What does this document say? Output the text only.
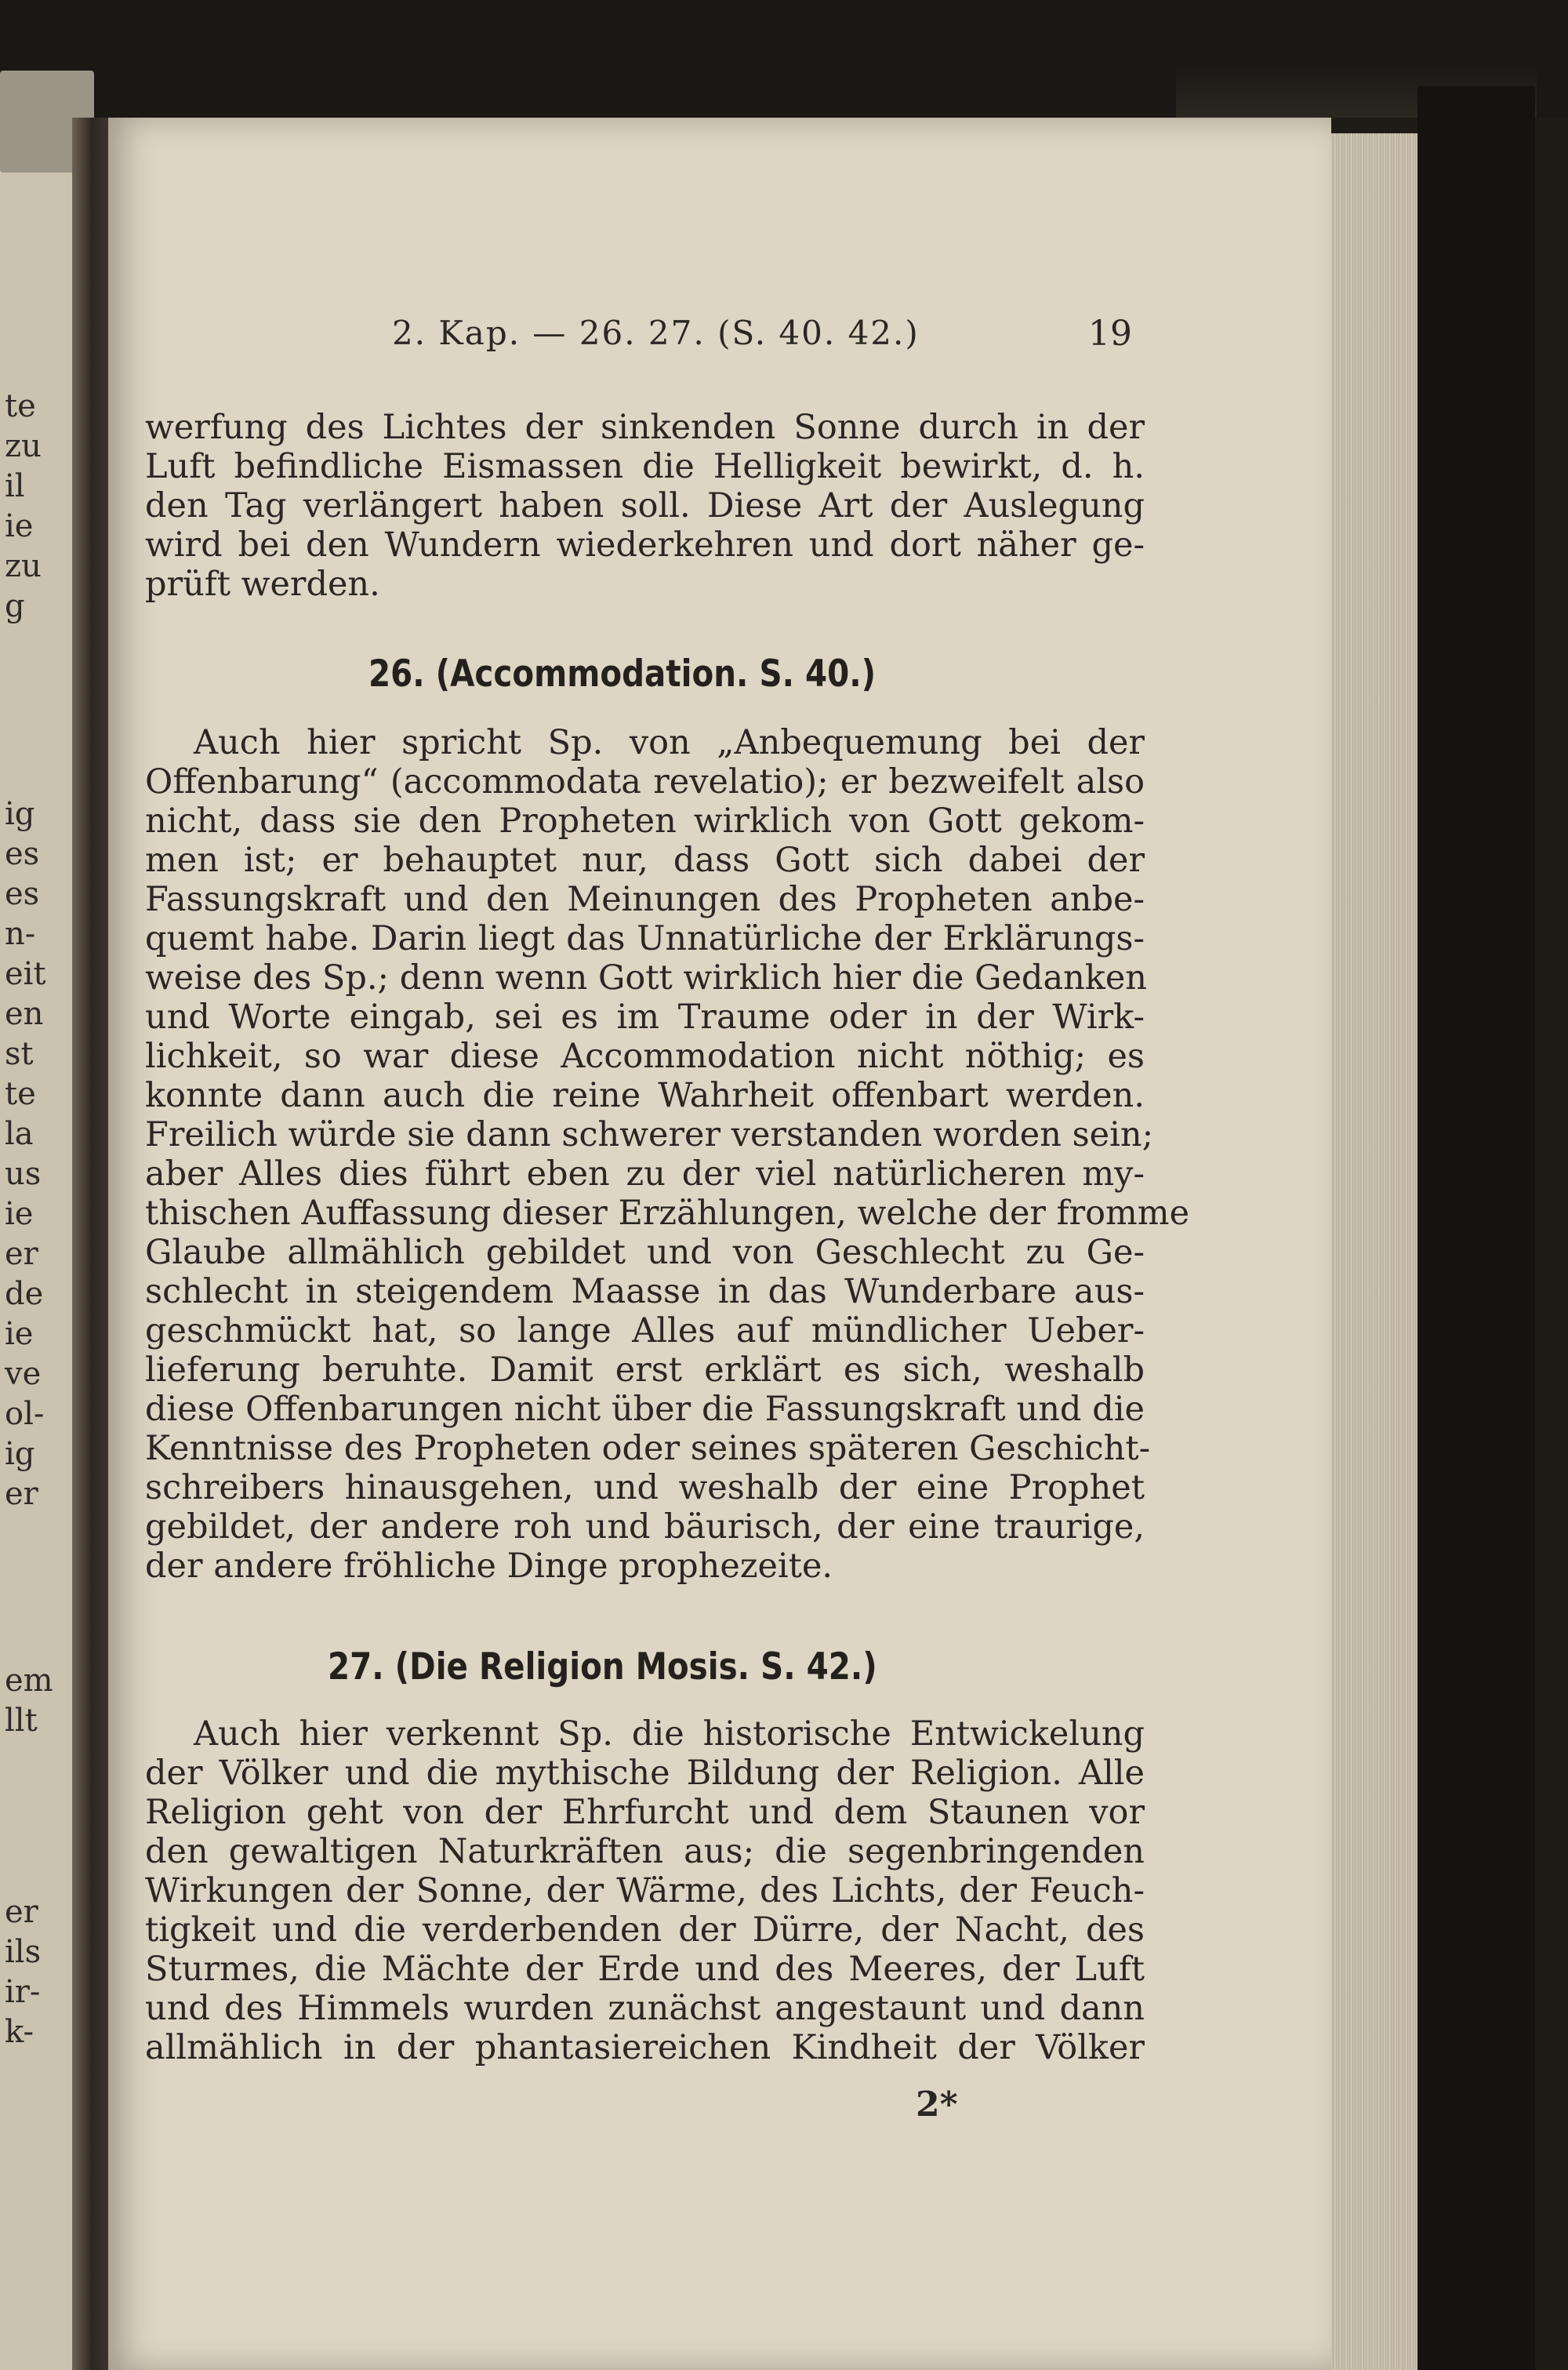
te
zu
il
ie
zu
g
ig
es
es
n-
eit
en
st
te
la
us
ie
er
de
ie
ve
ol-
ig
er
em
llt
er
ils
ir-
k-
2. Kap. — 26. 27. (S. 40. 42.)	19
werfung des Lichtes der sinkenden Sonne durch in der
Luft befindliche Eismassen die Helligkeit bewirkt, d. h.
den Tag verlängert haben soll. Diese Art der Auslegung
wird bei den Wundern wiederkehren und dort näher ge-
prüft werden.
26. (Accommodation. S. 40.)
Auch hier spricht Sp. von „Anbequemung bei der
Offenbarung“ (accommodata revelatio); er bezweifelt also
nicht, dass sie den Propheten wirklich von Gott gekom-
men ist; er behauptet nur, dass Gott sich dabei der
Fassungskraft und den Meinungen des Propheten anbe-
quemt habe. Darin liegt das Unnatürliche der Erklärungs-
weise des Sp.; denn wenn Gott wirklich hier die Gedanken
und Worte eingab, sei es im Traume oder in der Wirk-
lichkeit, so war diese Accommodation nicht nöthig; es
konnte dann auch die reine Wahrheit offenbart werden.
Freilich würde sie dann schwerer verstanden worden sein;
aber Alles dies führt eben zu der viel natürlicheren my-
thischen Auffassung dieser Erzählungen, welche der fromme
Glaube allmählich gebildet und von Geschlecht zu Ge-
schlecht in steigendem Maasse in das Wunderbare aus-
geschmückt hat, so lange Alles auf mündlicher Ueber-
lieferung beruhte. Damit erst erklärt es sich, weshalb
diese Offenbarungen nicht über die Fassungskraft und die
Kenntnisse des Propheten oder seines späteren Geschicht-
schreibers hinausgehen, und weshalb der eine Prophet
gebildet, der andere roh und bäurisch, der eine traurige,
der andere fröhliche Dinge prophezeite.
27. (Die Religion Mosis. S. 42.)
Auch hier verkennt Sp. die historische Entwickelung
der Völker und die mythische Bildung der Religion. Alle
Religion geht von der Ehrfurcht und dem Staunen vor
den gewaltigen Naturkräften aus; die segenbringenden
Wirkungen der Sonne, der Wärme, des Lichts, der Feuch-
tigkeit und die verderbenden der Dürre, der Nacht, des
Sturmes, die Mächte der Erde und des Meeres, der Luft
und des Himmels wurden zunächst angestaunt und dann
allmählich in der phantasiereichen Kindheit der Völker
2*
